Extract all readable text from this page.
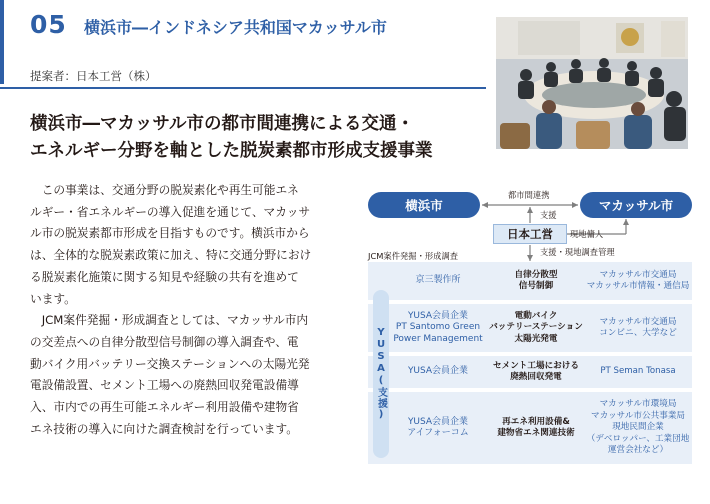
05 横浜市―インドネシア共和国マカッサル市
提案者：日本工営（株）
横浜市―マカッサル市の都市間連携による交通・
エネルギー分野を軸とした脱炭素都市形成支援事業
　この事業は、交通分野の脱炭素化や再生可能エネ
ルギー・省エネルギーの導入促進を通じて、マカッサ
ル市の脱炭素都市形成を目指すものです。横浜市から
は、全体的な脱炭素政策に加え、特に交通分野におけ
る脱炭素化施策に関する知見や経験の共有を進めて
います。
　JCM案件発掘・形成調査としては、マカッサル市内
の交差点への自律分散型信号制御の導入調査や、電
動バイク用バッテリー交換ステーションへの太陽光発
電設備設置、セメント工場への廃熱回収発電設備導
入、市内での再生可能エネルギー利用設備や建物省
エネ技術の導入に向けた調査検討を行っています。
横浜市	マカッサル市
日本工営
都市間連携
支援
現地傭人
JCM案件発掘・形成調査	支援・現地調査管理
京三製作所
自律分散型
信号制御
マカッサル市交通局
マカッサル市情報・通信局
YUSA会員企業
PT Santomo Green
Power Management
電動バイク
バッテリーステーション
太陽光発電
マカッサル市交通局
コンビニ、大学など
YUSA会員企業
セメント工場における
廃熱回収発電
PT Seman Tonasa
YUSA会員企業
アイフォーコム
再エネ利用設備&
建物省エネ関連技術
マカッサル市環境局
マカッサル市公共事業局
現地民間企業
（デベロッパー、工業団地
運営会社など）
YUSA(支援)
